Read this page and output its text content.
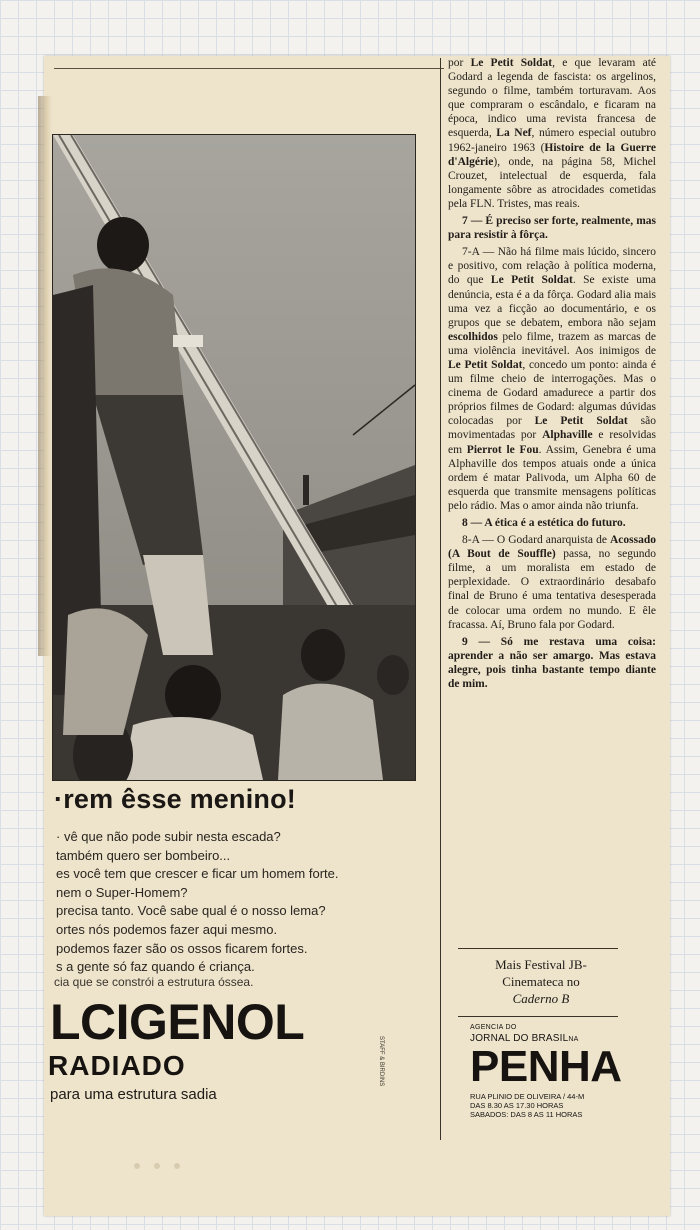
·rem êsse menino!
· vê que não pode subir nesta escada?
também quero ser bombeiro...
es você tem que crescer e ficar um homem forte.
nem o Super-Homem?
precisa tanto. Você sabe qual é o nosso lema?
ortes nós podemos fazer aqui mesmo.
podemos fazer são os ossos ficarem fortes.
s a gente só faz quando é criança.
cia que se constrói a estrutura óssea.
LCIGENOL
RADIADO
para uma estrutura sadia
STAFF & BIRDINS

por Le Petit Soldat, e que levaram até Godard a legenda de fascista: os argelinos, segundo o filme, também torturavam. Aos que compraram o escândalo, e ficaram na época, indico uma revista francesa de esquerda, La Nef, número especial outubro 1962-janeiro 1963 (Histoire de la Guerre d'Algérie), onde, na página 58, Michel Crouzet, intelectual de esquerda, fala longamente sôbre as atrocidades cometidas pela FLN. Tristes, mas reais.

7 — É preciso ser forte, realmente, mas para resistir à fôrça.

7-A — Não há filme mais lúcido, sincero e positivo, com relação à política moderna, do que Le Petit Soldat. Se existe uma denúncia, esta é a da fôrça. Godard alia mais uma vez a ficção ao documentário, e os grupos que se debatem, embora não sejam escolhidos pelo filme, trazem as marcas de uma violência inevitável. Aos inimigos de Le Petit Soldat, concedo um ponto: ainda é um filme cheio de interrogações. Mas o cinema de Godard amadurece a partir dos próprios filmes de Godard: algumas dúvidas colocadas por Le Petit Soldat são movimentadas por Alphaville e resolvidas em Pierrot le Fou. Assim, Genebra é uma Alphaville dos tempos atuais onde a única ordem é matar Palivoda, um Alpha 60 de esquerda que transmite mensagens políticas pelo rádio. Mas o amor ainda não triunfa.

8 — A ética é a estética do futuro.

8-A — O Godard anarquista de Acossado (A Bout de Souffle) passa, no segundo filme, a um moralista em estado de perplexidade. O extraordinário desabafo final de Bruno é uma tentativa desesperada de colocar uma ordem no mundo. E êle fracassa. Aí, Bruno fala por Godard.

9 — Só me restava uma coisa: aprender a não ser amargo. Mas estava alegre, pois tinha bastante tempo diante de mim.

Mais Festival JB-
Cinemateca no
Caderno B
AGENCIA DO
JORNAL DO BRASILNA
PENHA
RUA PLINIO DE OLIVEIRA / 44-M
DAS 8.30 AS 17.30 HORAS
SABADOS: DAS 8 AS 11 HORAS
